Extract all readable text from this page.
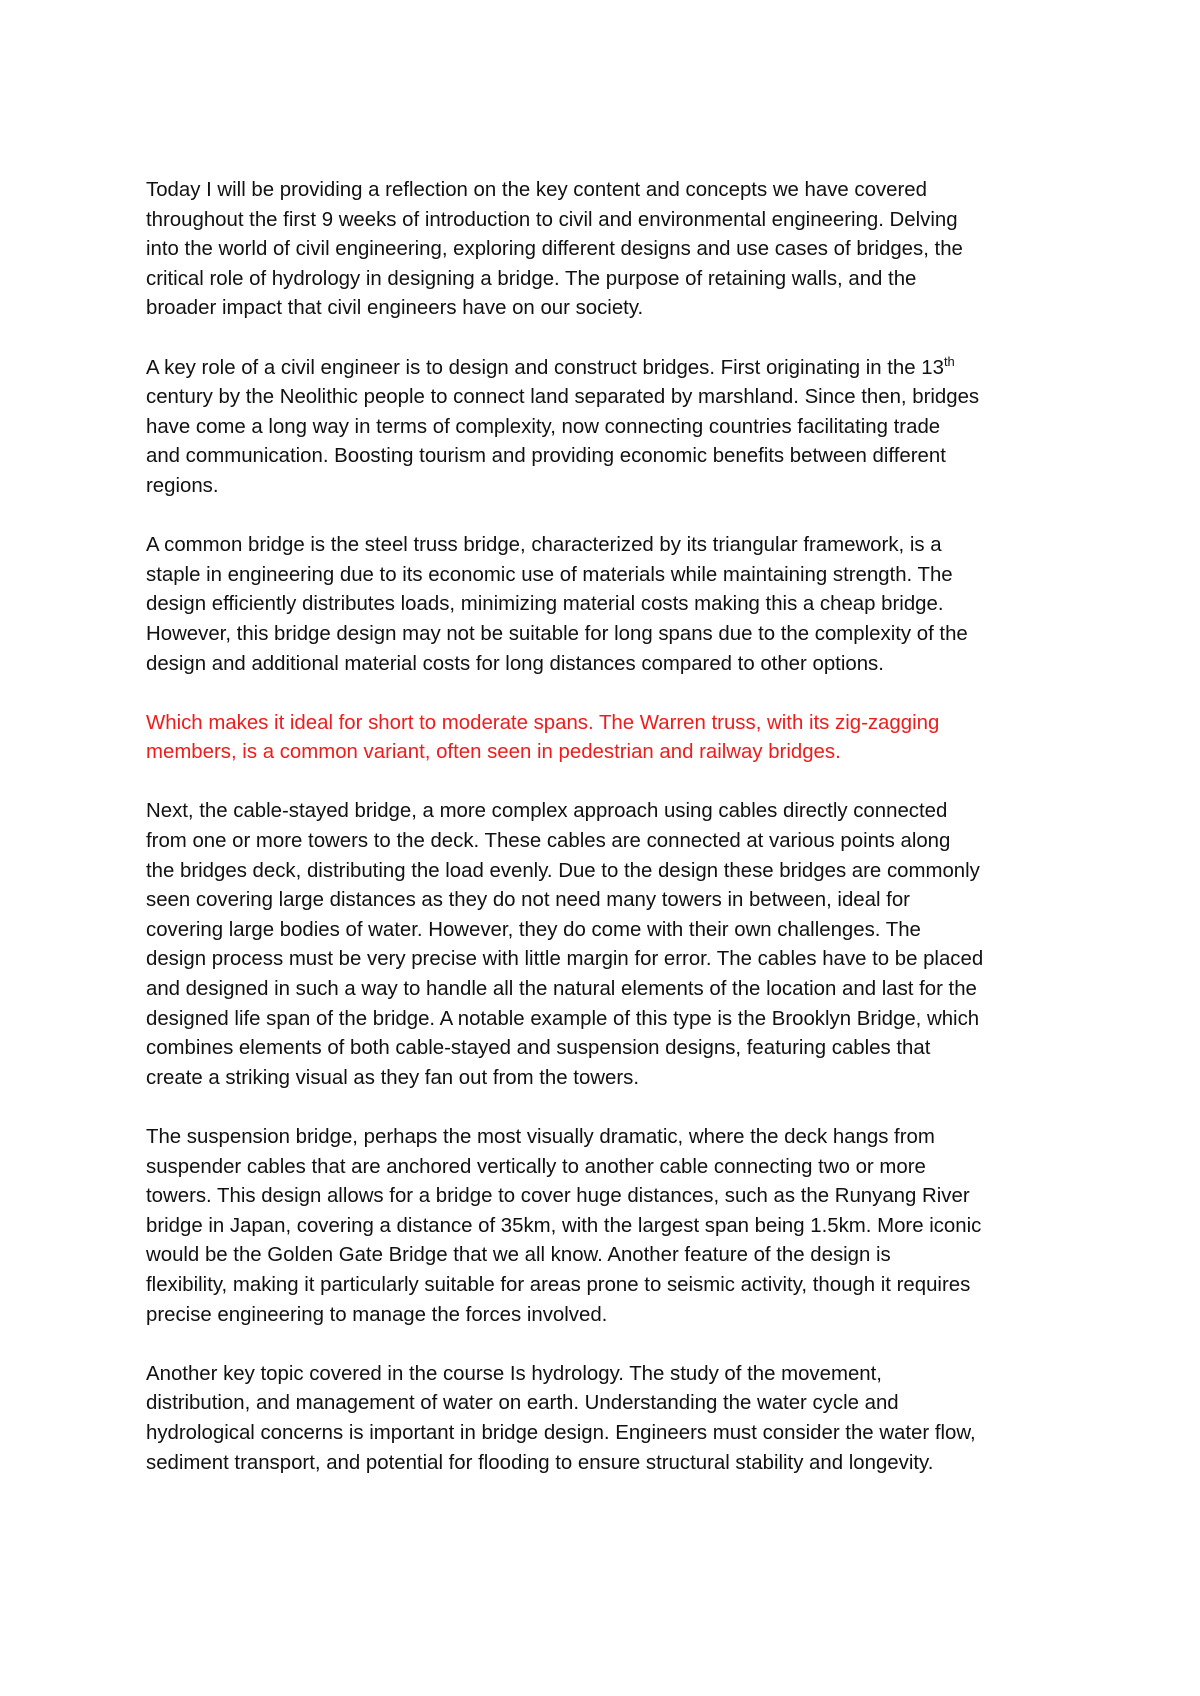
Today I will be providing a reflection on the key content and concepts we have covered
throughout the first 9 weeks of introduction to civil and environmental engineering. Delving
into the world of civil engineering, exploring different designs and use cases of bridges, the
critical role of hydrology in designing a bridge. The purpose of retaining walls, and the
broader impact that civil engineers have on our society.

A key role of a civil engineer is to design and construct bridges. First originating in the 13th
century by the Neolithic people to connect land separated by marshland. Since then, bridges
have come a long way in terms of complexity, now connecting countries facilitating trade
and communication. Boosting tourism and providing economic benefits between different
regions.

A common bridge is the steel truss bridge, characterized by its triangular framework, is a
staple in engineering due to its economic use of materials while maintaining strength. The
design efficiently distributes loads, minimizing material costs making this a cheap bridge.
However, this bridge design may not be suitable for long spans due to the complexity of the
design and additional material costs for long distances compared to other options.

Which makes it ideal for short to moderate spans. The Warren truss, with its zig-zagging
members, is a common variant, often seen in pedestrian and railway bridges.

Next, the cable-stayed bridge, a more complex approach using cables directly connected
from one or more towers to the deck. These cables are connected at various points along
the bridges deck, distributing the load evenly. Due to the design these bridges are commonly
seen covering large distances as they do not need many towers in between, ideal for
covering large bodies of water. However, they do come with their own challenges. The
design process must be very precise with little margin for error. The cables have to be placed
and designed in such a way to handle all the natural elements of the location and last for the
designed life span of the bridge. A notable example of this type is the Brooklyn Bridge, which
combines elements of both cable-stayed and suspension designs, featuring cables that
create a striking visual as they fan out from the towers.

The suspension bridge, perhaps the most visually dramatic, where the deck hangs from
suspender cables that are anchored vertically to another cable connecting two or more
towers. This design allows for a bridge to cover huge distances, such as the Runyang River
bridge in Japan, covering a distance of 35km, with the largest span being 1.5km. More iconic
would be the Golden Gate Bridge that we all know. Another feature of the design is
flexibility, making it particularly suitable for areas prone to seismic activity, though it requires
precise engineering to manage the forces involved.

Another key topic covered in the course Is hydrology. The study of the movement,
distribution, and management of water on earth. Understanding the water cycle and
hydrological concerns is important in bridge design. Engineers must consider the water flow,
sediment transport, and potential for flooding to ensure structural stability and longevity.
